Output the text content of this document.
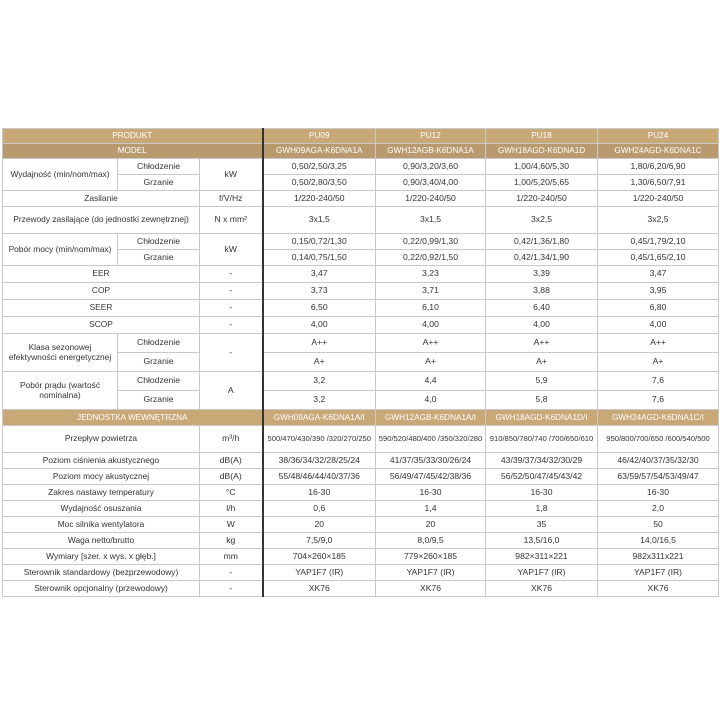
PRODUKT			PU09	PU12	PU18	PU24
MODEL			GWH09AGA-K6DNA1A	GWH12AGB-K6DNA1A	GWH18AGD-K6DNA1D	GWH24AGD-K6DNA1C
Wydajność (min/nom/max)	Chłodzenie	kW	0,50/2,50/3,25	0,90/3,20/3,60	1,00/4,60/5,30	1,80/6,20/6,90
	Grzanie		0,50/2,80/3,50	0,90/3,40/4,00	1,00/5,20/5,65	1,30/6,50/7,91
Zasilanie		f/V/Hz	1/220-240/50	1/220-240/50	1/220-240/50	1/220-240/50
Przewody zasilające (do jednostki zewnętrznej)		N x mm²	3x1,5	3x1,5	3x2,5	3x2,5
Pobór mocy (min/nom/max)	Chłodzenie	kW	0,15/0,72/1,30	0,22/0,99/1,30	0,42/1,36/1,80	0,45/1,79/2,10
	Grzanie		0,14/0,75/1,50	0,22/0,92/1,50	0,42/1,34/1,90	0,45/1,65/2,10
EER		-	3,47	3,23	3,39	3,47
COP		-	3,73	3,71	3,88	3,95
SEER		-	6,50	6,10	6,40	6,80
SCOP		-	4,00	4,00	4,00	4,00
Klasa sezonowej efektywności energetycznej	Chłodzenie	-	A++	A++	A++	A++
	Grzanie		A+	A+	A+	A+
Pobór prądu (wartość nominalna)	Chłodzenie	A	3,2	4,4	5,9	7,6
	Grzanie		3,2	4,0	5,8	7,6
JEDNOSTKA WEWNĘTRZNA			GWH09AGA-K6DNA1A/I	GWH12AGB-K6DNA1A/I	GWH18AGD-K6DNA1D/I	GWH24AGD-K6DNA1C/I
Przepływ powietrza		m³/h	500/470/430/390 /320/270/250	590/520/480/400 /350/320/280	910/850/780/740 /700/650/610	950/800/700/650 /600/540/500
Poziom ciśnienia akustycznego		dB(A)	38/36/34/32/28/25/24	41/37/35/33/30/26/24	43/39/37/34/32/30/29	46/42/40/37/35/32/30
Poziom mocy akustycznej		dB(A)	55/48/46/44/40/37/36	56/49/47/45/42/38/36	56/52/50/47/45/43/42	63/59/57/54/53/49/47
Zakres nastawy temperatury		°C	16-30	16-30	16-30	16-30
Wydajność osuszania		l/h	0,6	1,4	1,8	2,0
Moc silnika wentylatora		W	20	20	35	50
Waga netto/brutto		kg	7,5/9,0	8,0/9,5	13,5/16,0	14,0/16,5
Wymiary [szer. x wys. x głęb.]		mm	704×260×185	779×260×185	982×311×221	982x311x221
Sterownik standardowy (bezprzewodowy)		-	YAP1F7 (IR)	YAP1F7 (IR)	YAP1F7 (IR)	YAP1F7 (IR)
Sterownik opcjonalny (przewodowy)		-	XK76	XK76	XK76	XK76
